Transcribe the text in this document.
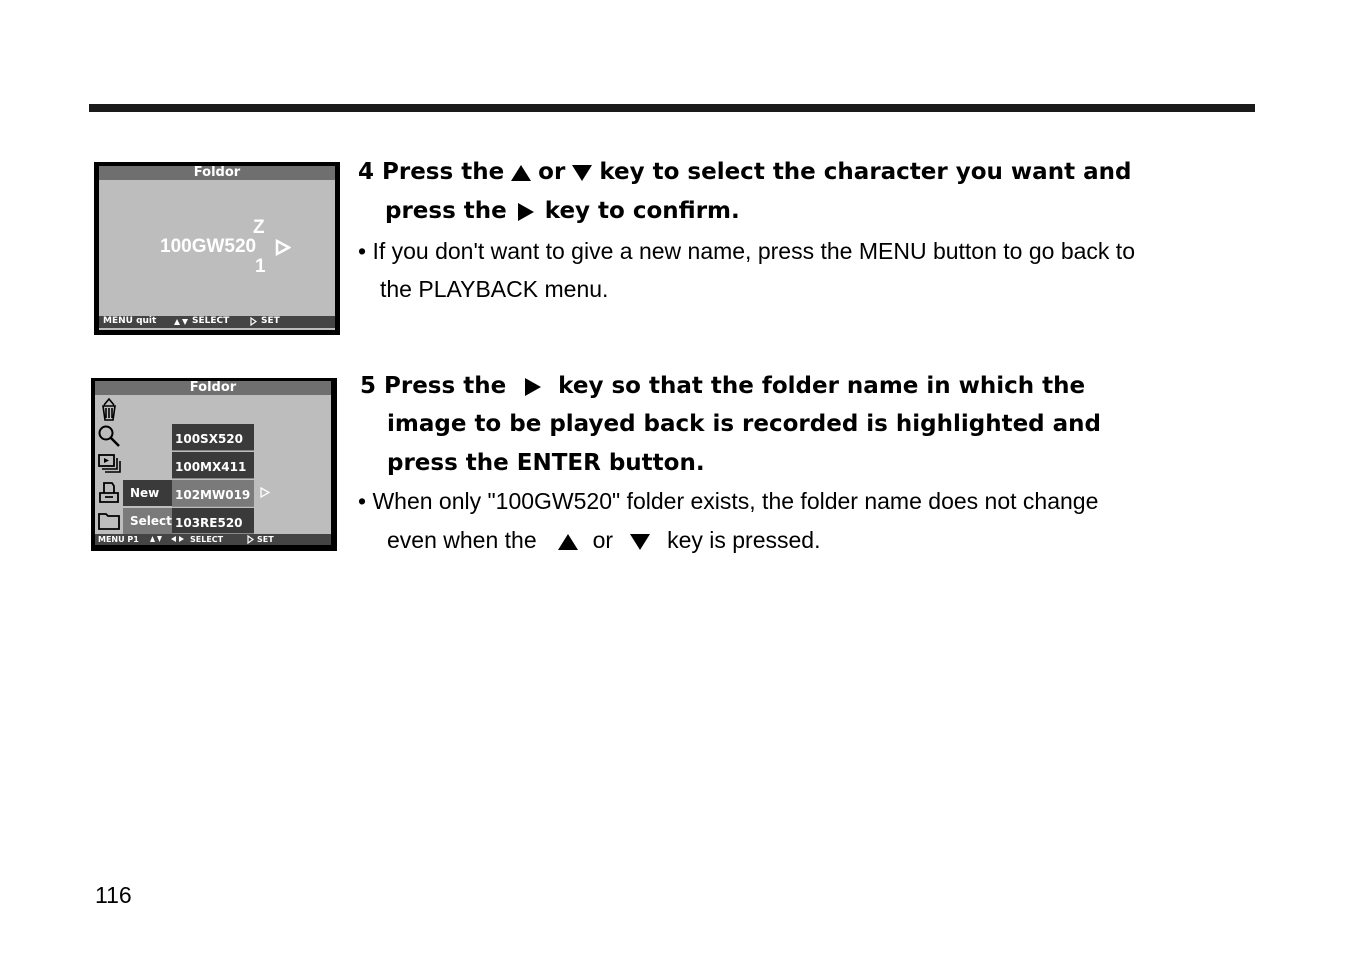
Foldor
Z
100GW520
1
MENU quit	SELECT	SET
Foldor
New
Select
100SX520
100MX411
102MW019
103RE520
MENU P1	SELECT	SET
4 Press the or key to select the character you want and
press the key to confirm.
• If you don't want to give a new name, press the MENU button to go back to
the PLAYBACK menu.
5 Press the key so that the folder name in which the
image to be played back is recorded is highlighted and
press the ENTER button.
• When only "100GW520" folder exists, the folder name does not change
even when the or key is pressed.
116
